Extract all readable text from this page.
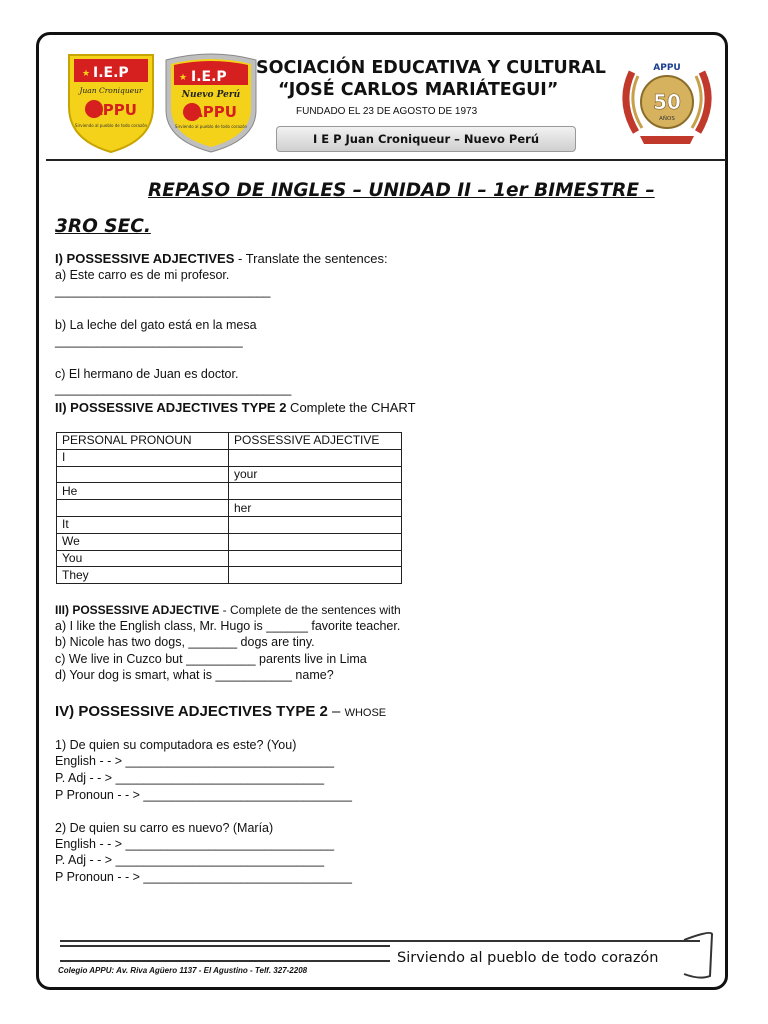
★ I.E.P
Juan Croniqueur
APPU
Sirviendo al pueblo de todo corazón
★ I.E.P
Nuevo Perú
APPU
Sirviendo al pueblo de todo corazón
APPU
50
AÑOS
SOCIACIÓN EDUCATIVA Y CULTURAL
“JOSÉ CARLOS MARIÁTEGUI”
FUNDADO EL 23 DE AGOSTO DE 1973
I E P Juan Croniqueur – Nuevo Perú
REPASO DE INGLES – UNIDAD II – 1er BIMESTRE –
3RO SEC.
I) POSSESSIVE ADJECTIVES - Translate the sentences:
a) Este carro es de mi profesor.
_______________________________
b) La leche del gato está en la mesa
___________________________
c) El hermano de Juan es doctor.
__________________________________
II) POSSESSIVE ADJECTIVES TYPE 2 Complete the CHART
PERSONAL PRONOUN	POSSESSIVE ADJECTIVE
I	
	your
He	
	her
It	
We	
You	
They	
III) POSSESSIVE ADJECTIVE - Complete de the sentences with
a) I like the English class, Mr. Hugo is ______ favorite teacher.
b) Nicole has two dogs, _______ dogs are tiny.
c) We live in Cuzco but __________ parents live in Lima
d) Your dog is smart, what is ___________ name?
IV) POSSESSIVE ADJECTIVES TYPE 2 – WHOSE
1) De quien su computadora es este? (You)
English - - > ______________________________
P. Adj - - > ______________________________
P Pronoun - - > ______________________________
2) De quien su carro es nuevo? (María)
English - - > ______________________________
P. Adj - - > ______________________________
P Pronoun - - > ______________________________
Sirviendo al pueblo de todo corazón
Colegio APPU: Av. Riva Agüero 1137 - El Agustino - Telf. 327-2208
